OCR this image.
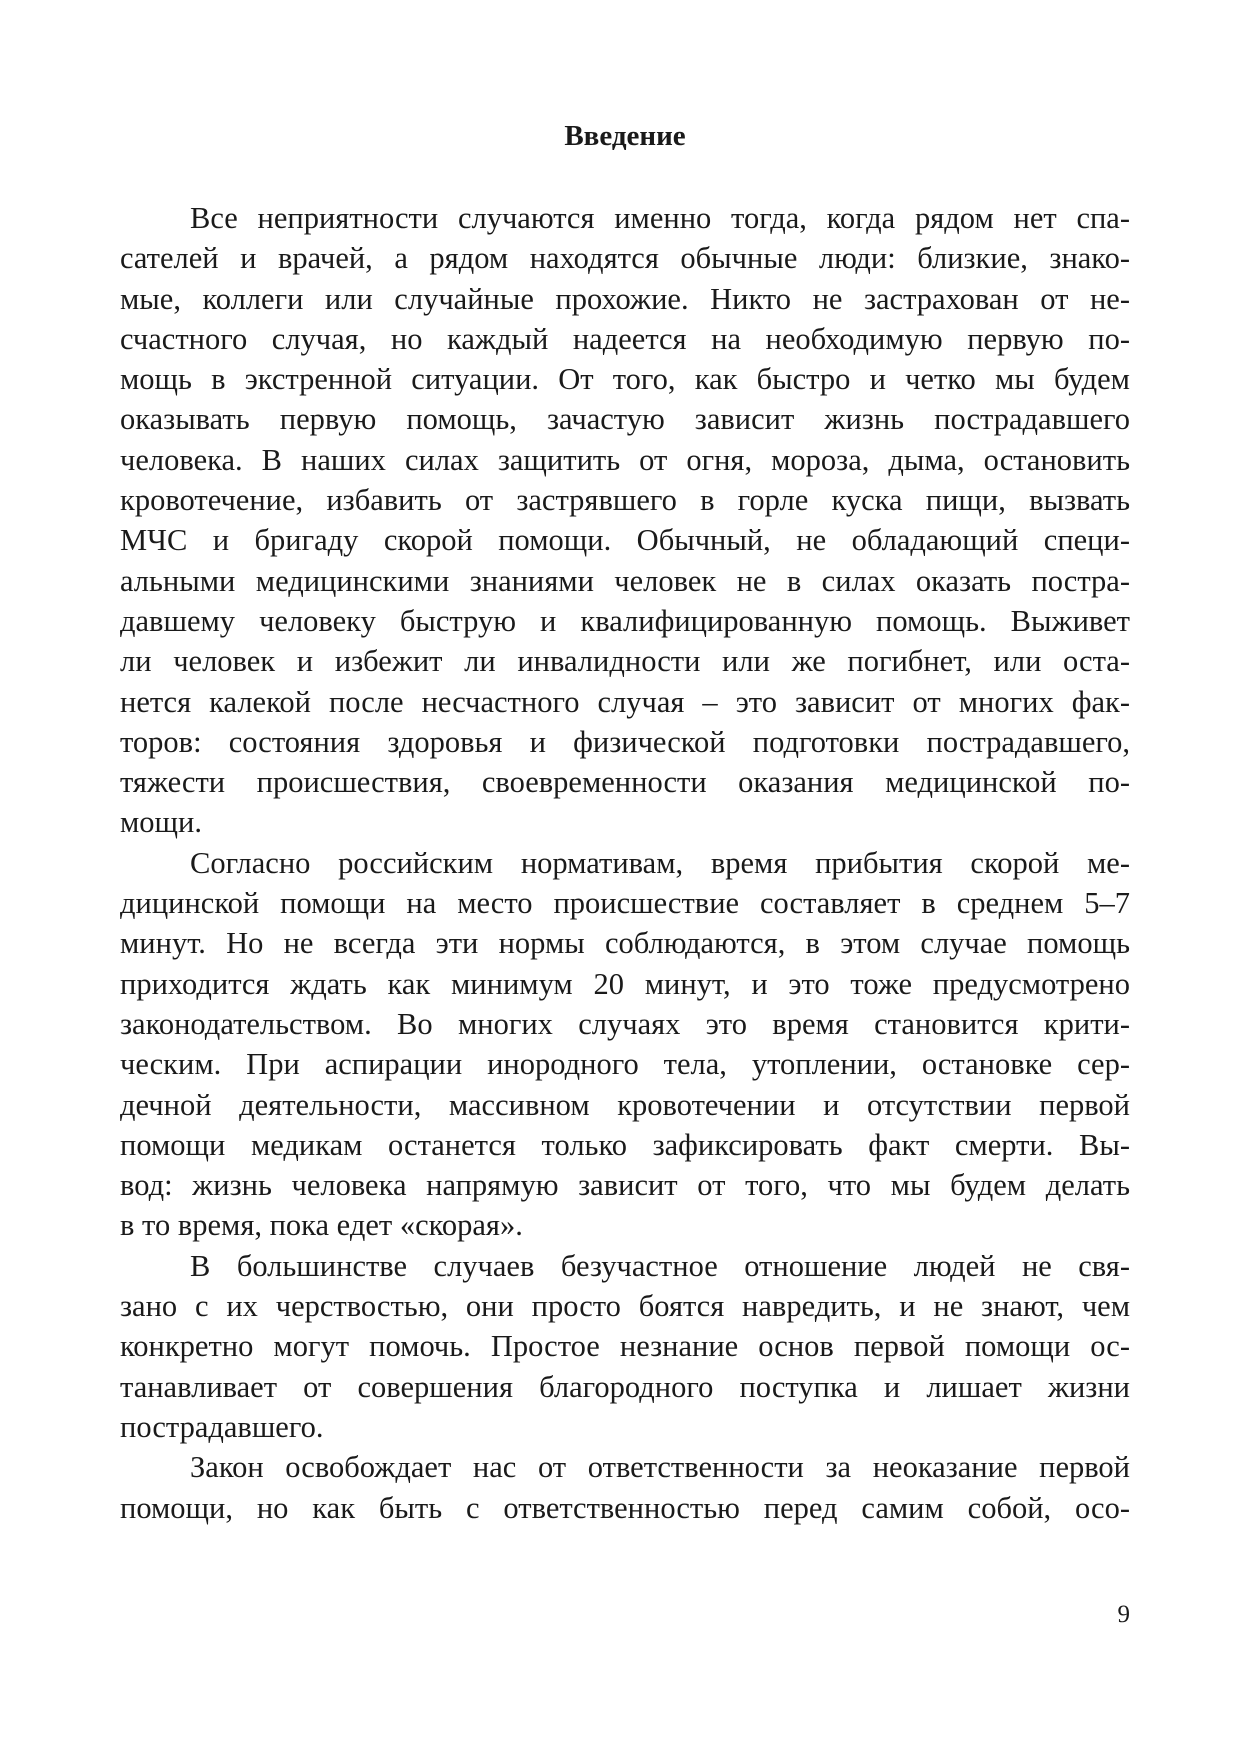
Введение

Все неприятности случаются именно тогда, когда рядом нет спа-
сателей и врачей, а рядом находятся обычные люди: близкие, знако-
мые, коллеги или случайные прохожие. Никто не застрахован от не-
счастного случая, но каждый надеется на необходимую первую по-
мощь в экстренной ситуации. От того, как быстро и четко мы будем
оказывать первую помощь, зачастую зависит жизнь пострадавшего
человека. В наших силах защитить от огня, мороза, дыма, остановить
кровотечение, избавить от застрявшего в горле куска пищи, вызвать
МЧС и бригаду скорой помощи. Обычный, не обладающий специ-
альными медицинскими знаниями человек не в силах оказать постра-
давшему человеку быструю и квалифицированную помощь. Выживет
ли человек и избежит ли инвалидности или же погибнет, или оста-
нется калекой после несчастного случая – это зависит от многих фак-
торов: состояния здоровья и физической подготовки пострадавшего,
тяжести происшествия, своевременности оказания медицинской по-
мощи.

Согласно российским нормативам, время прибытия скорой ме-
дицинской помощи на место происшествие составляет в среднем 5–7
минут. Но не всегда эти нормы соблюдаются, в этом случае помощь
приходится ждать как минимум 20 минут, и это тоже предусмотрено
законодательством. Во многих случаях это время становится крити-
ческим. При аспирации инородного тела, утоплении, остановке сер-
дечной деятельности, массивном кровотечении и отсутствии первой
помощи медикам останется только зафиксировать факт смерти. Вы-
вод: жизнь человека напрямую зависит от того, что мы будем делать
в то время, пока едет «скорая».

В большинстве случаев безучастное отношение людей не свя-
зано с их черствостью, они просто боятся навредить, и не знают, чем
конкретно могут помочь. Простое незнание основ первой помощи ос-
танавливает от совершения благородного поступка и лишает жизни
пострадавшего.

Закон освобождает нас от ответственности за неоказание первой
помощи, но как быть с ответственностью перед самим собой, осо-

9
